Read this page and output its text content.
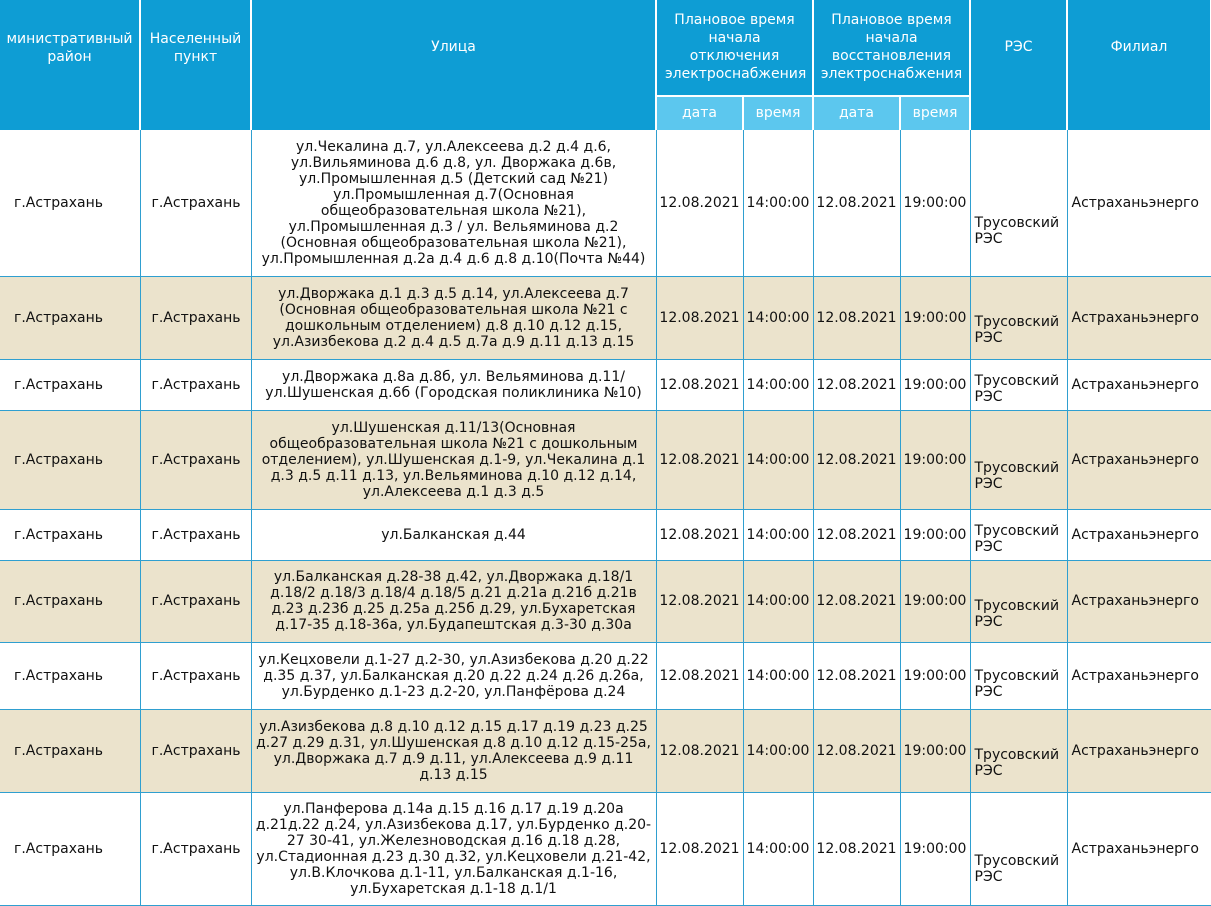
министративный район	Населенный пункт	Улица	Плановое время начала отключения электроснабжения		Плановое время начала восстановления электроснабжения		РЭС	Филиал
			дата	время	дата	время		
г.Астрахань	г.Астрахань	ул.Чекалина д.7, ул.Алексеева д.2 д.4 д.6, ул.Вильяминова д.6 д.8, ул. Дворжака д.6в, ул.Промышленная д.5 (Детский сад №21) ул.Промышленная д.7(Основная общеобразовательная школа №21), ул.Промышленная д.3 / ул. Вельяминова д.2 (Основная общеобразовательная школа №21), ул.Промышленная д.2а д.4 д.6 д.8 д.10(Почта №44)	12.08.2021	14:00:00	12.08.2021	19:00:00	Трусовский РЭС	Астраханьэнерго
г.Астрахань	г.Астрахань	ул.Дворжака д.1 д.3 д.5 д.14, ул.Алексеева д.7 (Основная общеобразовательная школа №21 с дошкольным отделением) д.8 д.10 д.12 д.15, ул.Азизбекова д.2 д.4 д.5 д.7а д.9 д.11 д.13 д.15	12.08.2021	14:00:00	12.08.2021	19:00:00	Трусовский РЭС	Астраханьэнерго
г.Астрахань	г.Астрахань	ул.Дворжака д.8а д.8б, ул. Вельяминова д.11/ ул.Шушенская д.6б (Городская поликлиника №10)	12.08.2021	14:00:00	12.08.2021	19:00:00	Трусовский РЭС	Астраханьэнерго
г.Астрахань	г.Астрахань	ул.Шушенская д.11/13(Основная общеобразовательная школа №21 с дошкольным отделением), ул.Шушенская д.1-9, ул.Чекалина д.1 д.3 д.5 д.11 д.13, ул.Вельяминова д.10 д.12 д.14, ул.Алексеева д.1 д.3 д.5	12.08.2021	14:00:00	12.08.2021	19:00:00	Трусовский РЭС	Астраханьэнерго
г.Астрахань	г.Астрахань	ул.Балканская д.44	12.08.2021	14:00:00	12.08.2021	19:00:00	Трусовский РЭС	Астраханьэнерго
г.Астрахань	г.Астрахань	ул.Балканская д.28-38 д.42, ул.Дворжака д.18/1 д.18/2 д.18/3 д.18/4 д.18/5 д.21 д.21а д.21б д.21в д.23 д.23б д.25 д.25а д.25б д.29, ул.Бухаретская д.17-35 д.18-36а, ул.Будапештская д.3-30 д.30а	12.08.2021	14:00:00	12.08.2021	19:00:00	Трусовский РЭС	Астраханьэнерго
г.Астрахань	г.Астрахань	ул.Кецховели д.1-27 д.2-30, ул.Азизбекова д.20 д.22 д.35 д.37, ул.Балканская д.20 д.22 д.24 д.26 д.26а, ул.Бурденко д.1-23 д.2-20, ул.Панфёрова д.24	12.08.2021	14:00:00	12.08.2021	19:00:00	Трусовский РЭС	Астраханьэнерго
г.Астрахань	г.Астрахань	ул.Азизбекова д.8 д.10 д.12 д.15 д.17 д.19 д.23 д.25 д.27 д.29 д.31, ул.Шушенская д.8 д.10 д.12 д.15-25а, ул.Дворжака д.7 д.9 д.11, ул.Алексеева д.9 д.11 д.13 д.15	12.08.2021	14:00:00	12.08.2021	19:00:00	Трусовский РЭС	Астраханьэнерго
г.Астрахань	г.Астрахань	ул.Панферова д.14а д.15 д.16 д.17 д.19 д.20а д.21д.22 д.24, ул.Азизбекова д.17, ул.Бурденко д.20-27 30-41, ул.Железноводская д.16 д.18 д.28, ул.Стадионная д.23 д.30 д.32, ул.Кецховели д.21-42, ул.В.Клочкова д.1-11, ул.Балканская д.1-16, ул.Бухаретская д.1-18 д.1/1	12.08.2021	14:00:00	12.08.2021	19:00:00	Трусовский РЭС	Астраханьэнерго
